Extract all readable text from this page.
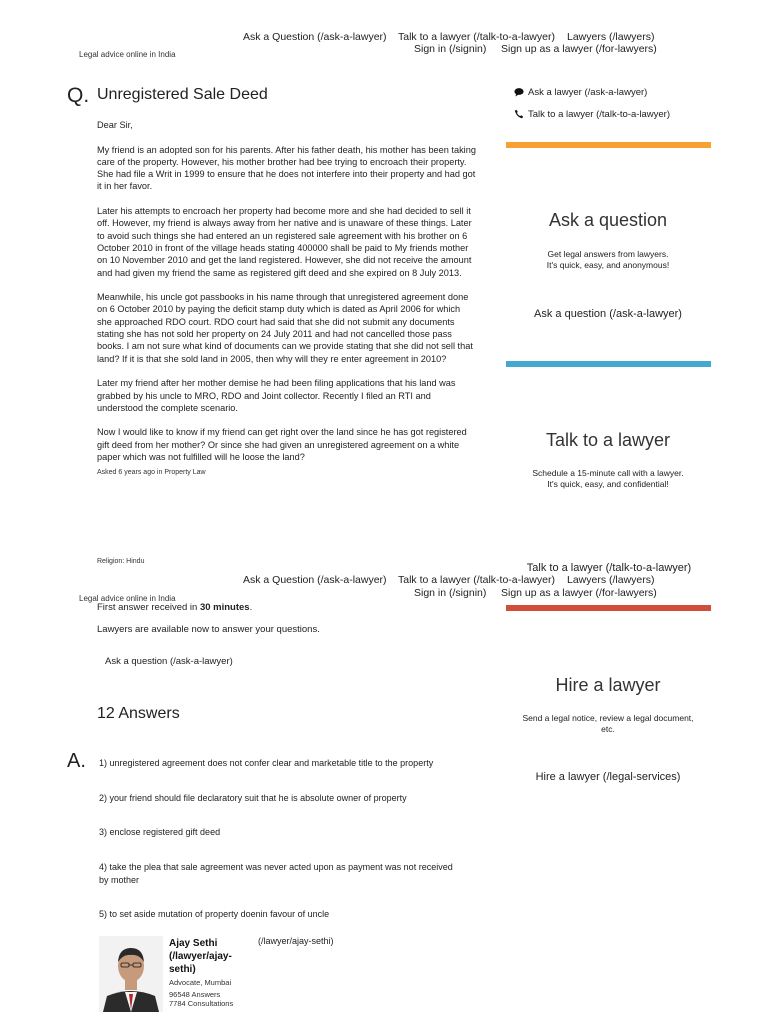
Ask a Question (/ask-a-lawyer) Talk to a lawyer (/talk-to-a-lawyer) Lawyers (/lawyers)
Legal advice online in India	Sign in (/signin) Sign up as a lawyer (/for-lawyers)
Q. Unregistered Sale Deed

Dear Sir,

My friend is an adopted son for his parents. After his father death, his mother has been taking care of the property. However, his mother brother had bee trying to encroach their property. She had file a Writ in 1999 to ensure that he does not interfere into their property and had got it in her favor.

Later his attempts to encroach her property had become more and she had decided to sell it off. However, my friend is always away from her native and is unaware of these things. Later to avoid such things she had entered an un registered sale agreement with his brother on 6 October 2010 in front of the village heads stating 400000 shall be paid to My friends mother on 10 November 2010 and get the land registered. However, she did not receive the amount and had given my friend the same as registered gift deed and she expired on 8 July 2013.

Meanwhile, his uncle got passbooks in his name through that unregistered agreement done on 6 October 2010 by paying the deficit stamp duty which is dated as April 2006 for which she approached RDO court. RDO court had said that she did not submit any documents stating she has not sold her property on 24 July 2011 and had not cancelled those pass books. I am not sure what kind of documents can we provide stating that she did not sell that land? If it is that she sold land in 2005, then why will they re enter agreement in 2010?

Later my friend after her mother demise he had been filing applications that his land was grabbed by his uncle to MRO, RDO and Joint collector. Recently I filed an RTI and understood the complete scenario.

Now I would like to know if my friend can get right over the land since he has got registered gift deed from her mother? Or since she had given an unregistered agreement on a white paper which was not fulfilled will he loose the land?

Asked 6 years ago in Property Law
Religion: Hindu
Ask a Question (/ask-a-lawyer) Talk to a lawyer (/talk-to-a-lawyer) Lawyers (/lawyers)
Legal advice online in India	Sign in (/signin) Sign up as a lawyer (/for-lawyers)
First answer received in 30 minutes.
Lawyers are available now to answer your questions.
Ask a question (/ask-a-lawyer)
12 Answers
A. 1) unregistered agreement does not confer clear and marketable title to the property
2) your friend should file declaratory suit that he is absolute owner of property
3) enclose registered gift deed
4) take the plea that sale agreement was never acted upon as payment was not received by mother
5) to set aside mutation of property doenin favour of uncle
Ajay Sethi
(/lawyer/ajay-
sethi)
(/lawyer/ajay-sethi)
Advocate, Mumbai
96548 Answers
7784 Consultations
Ask a lawyer (/ask-a-lawyer)
Talk to a lawyer (/talk-to-a-lawyer)
Ask a question
Get legal answers from lawyers.
It's quick, easy, and anonymous!
Ask a question (/ask-a-lawyer)
Talk to a lawyer
Schedule a 15-minute call with a lawyer.
It's quick, easy, and confidential!
Talk to a lawyer (/talk-to-a-lawyer)
Hire a lawyer
Send a legal notice, review a legal document, etc.
Hire a lawyer (/legal-services)
